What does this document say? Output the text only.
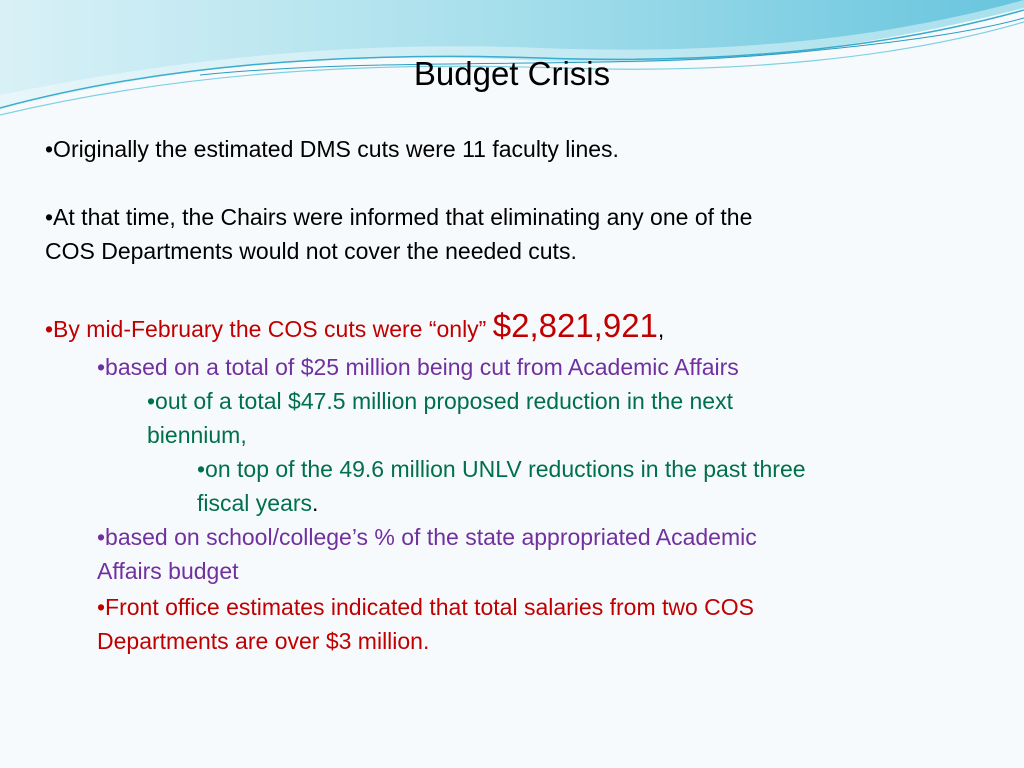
Budget Crisis

•Originally the estimated DMS cuts were 11 faculty lines.

•At that time, the Chairs were informed that eliminating any one of the
COS Departments would not cover the needed cuts.

•By mid-February the COS cuts were “only” $2,821,921,

•based on a total of $25 million being cut from Academic Affairs

•out of a total $47.5 million proposed reduction in the next
biennium,

•on top of the 49.6 million UNLV reductions in the past three
fiscal years.

•based on school/college’s % of the state appropriated Academic
Affairs budget

•Front office estimates indicated that total salaries from two COS
Departments are over $3 million.
